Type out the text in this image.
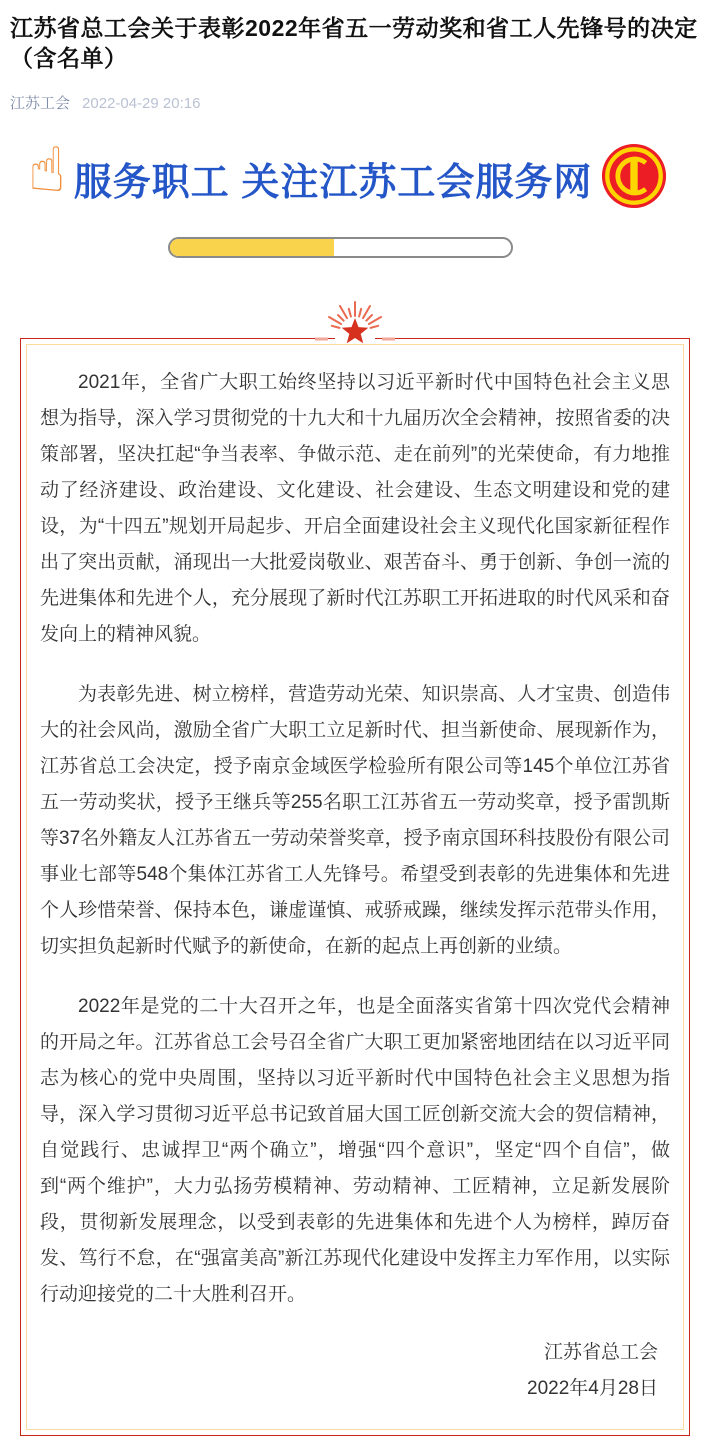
江苏省总工会关于表彰2022年省五一劳动奖和省工人先锋号的决定（含名单）
江苏工会 2022-04-29 20:16
☝ 服务职工 关注江苏工会服务网

2021年，全省广大职工始终坚持以习近平新时代中国特色社会主义思想为指导，深入学习贯彻党的十九大和十九届历次全会精神，按照省委的决策部署，坚决扛起“争当表率、争做示范、走在前列”的光荣使命，有力地推动了经济建设、政治建设、文化建设、社会建设、生态文明建设和党的建设，为“十四五”规划开局起步、开启全面建设社会主义现代化国家新征程作出了突出贡献，涌现出一大批爱岗敬业、艰苦奋斗、勇于创新、争创一流的先进集体和先进个人，充分展现了新时代江苏职工开拓进取的时代风采和奋发向上的精神风貌。

为表彰先进、树立榜样，营造劳动光荣、知识崇高、人才宝贵、创造伟大的社会风尚，激励全省广大职工立足新时代、担当新使命、展现新作为，江苏省总工会决定，授予南京金域医学检验所有限公司等145个单位江苏省五一劳动奖状，授予王继兵等255名职工江苏省五一劳动奖章，授予雷凯斯等37名外籍友人江苏省五一劳动荣誉奖章，授予南京国环科技股份有限公司事业七部等548个集体江苏省工人先锋号。希望受到表彰的先进集体和先进个人珍惜荣誉、保持本色，谦虚谨慎、戒骄戒躁，继续发挥示范带头作用，切实担负起新时代赋予的新使命，在新的起点上再创新的业绩。

2022年是党的二十大召开之年，也是全面落实省第十四次党代会精神的开局之年。江苏省总工会号召全省广大职工更加紧密地团结在以习近平同志为核心的党中央周围，坚持以习近平新时代中国特色社会主义思想为指导，深入学习贯彻习近平总书记致首届大国工匠创新交流大会的贺信精神，自觉践行、忠诚捍卫“两个确立”，增强“四个意识”，坚定“四个自信”，做到“两个维护”，大力弘扬劳模精神、劳动精神、工匠精神，立足新发展阶段，贯彻新发展理念，以受到表彰的先进集体和先进个人为榜样，踔厉奋发、笃行不怠，在“强富美高”新江苏现代化建设中发挥主力军作用，以实际行动迎接党的二十大胜利召开。

江苏省总工会
2022年4月28日
